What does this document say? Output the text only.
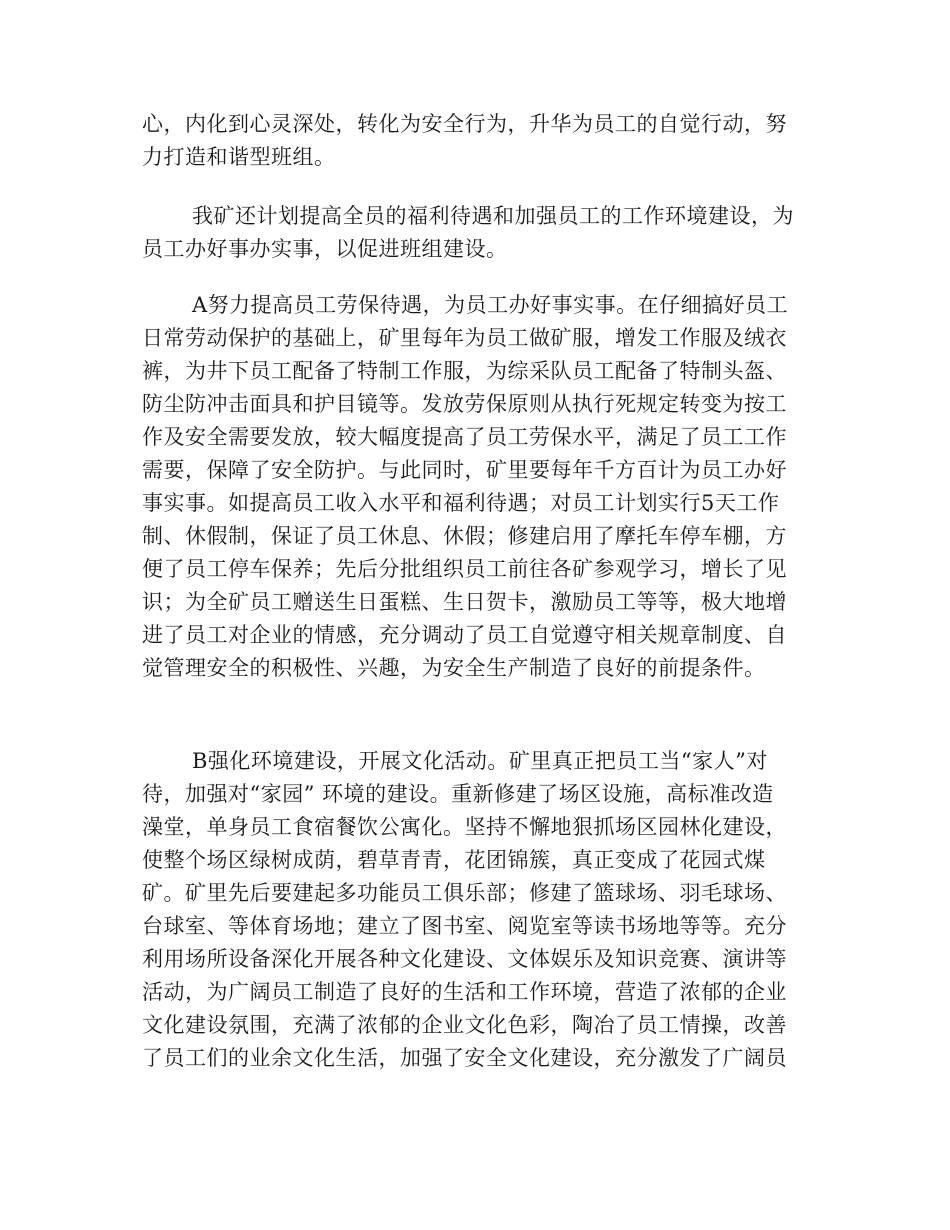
心，内化到心灵深处，转化为安全行为，升华为员工的自觉行动，努
力打造和谐型班组。
我矿还计划提高全员的福利待遇和加强员工的工作环境建设，为
员工办好事办实事，以促进班组建设。
A努力提高员工劳保待遇，为员工办好事实事。在仔细搞好员工
日常劳动保护的基础上，矿里每年为员工做矿服，增发工作服及绒衣
裤，为井下员工配备了特制工作服，为综采队员工配备了特制头盔、
防尘防冲击面具和护目镜等。发放劳保原则从执行死规定转变为按工
作及安全需要发放，较大幅度提高了员工劳保水平，满足了员工工作
需要，保障了安全防护。与此同时，矿里要每年千方百计为员工办好
事实事。如提高员工收入水平和福利待遇；对员工计划实行5天工作
制、休假制，保证了员工休息、休假；修建启用了摩托车停车棚，方
便了员工停车保养；先后分批组织员工前往各矿参观学习，增长了见
识；为全矿员工赠送生日蛋糕、生日贺卡，激励员工等等，极大地增
进了员工对企业的情感，充分调动了员工自觉遵守相关规章制度、自
觉管理安全的积极性、兴趣，为安全生产制造了良好的前提条件。
B强化环境建设，开展文化活动。矿里真正把员工当“家人”对
待，加强对“家园” 环境的建设。重新修建了场区设施，高标准改造
澡堂，单身员工食宿餐饮公寓化。坚持不懈地狠抓场区园林化建设，
使整个场区绿树成荫，碧草青青，花团锦簇，真正变成了花园式煤
矿。矿里先后要建起多功能员工俱乐部；修建了篮球场、羽毛球场、
台球室、等体育场地；建立了图书室、阅览室等读书场地等等。充分
利用场所设备深化开展各种文化建设、文体娱乐及知识竞赛、演讲等
活动，为广阔员工制造了良好的生活和工作环境，营造了浓郁的企业
文化建设氛围，充满了浓郁的企业文化色彩，陶冶了员工情操，改善
了员工们的业余文化生活，加强了安全文化建设，充分激发了广阔员
